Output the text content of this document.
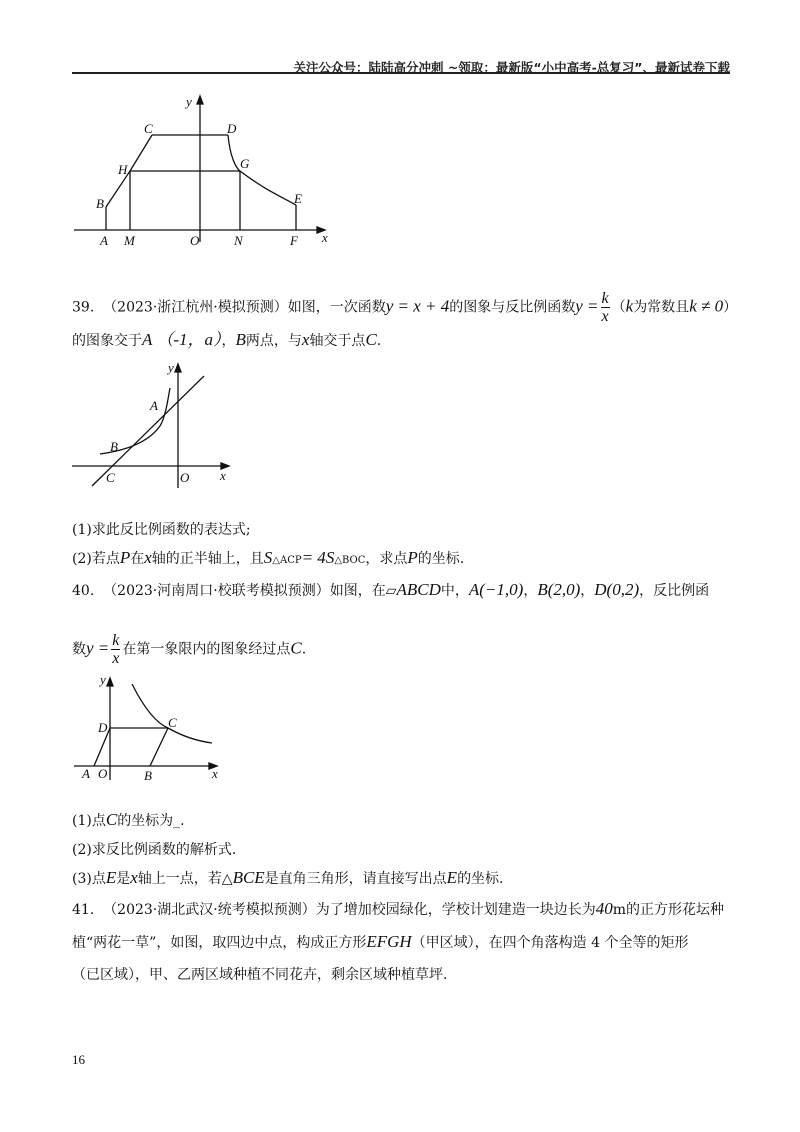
关注公众号：陆陆高分冲刺 ~领取：最新版“小中高考-总复习”、最新试卷下载
y
x
C	D
H	G
B	E
A M	O	N	F
39. （2023·浙江杭州·模拟预测）如图，一次函数y = x + 4的图象与反比例函数$y = \frac{k}{x} (k$为常数且k ≠ 0）
的图象交于A （-1，a），B两点，与x轴交于点C.
y
x
A
B
C	O
(1)求此反比例函数的表达式;
(2)若点P在x轴的正半轴上，且S△ACP= 4S△BOC，求点P的坐标.
40. （2023·河南周口·校联考模拟预测）如图，在▱ABCD中，A(−1,0)，B(2,0)，D(0,2)，反比例函
数$y = \frac{k}{x}$ 在第一象限内的图象经过点C.
y
x
D	C
A O	B
(1)点C的坐标为_.
(2)求反比例函数的解析式.
(3)点E是x轴上一点，若△BCE是直角三角形，请直接写出点E的坐标.
41. （2023·湖北武汉·统考模拟预测）为了增加校园绿化，学校计划建造一块边长为40m的正方形花坛种
植“两花一草”，如图，取四边中点，构成正方形EFGH（甲区域），在四个角落构造 4 个全等的矩形
（已区域），甲、乙两区域种植不同花卉，剩余区域种植草坪.
16
